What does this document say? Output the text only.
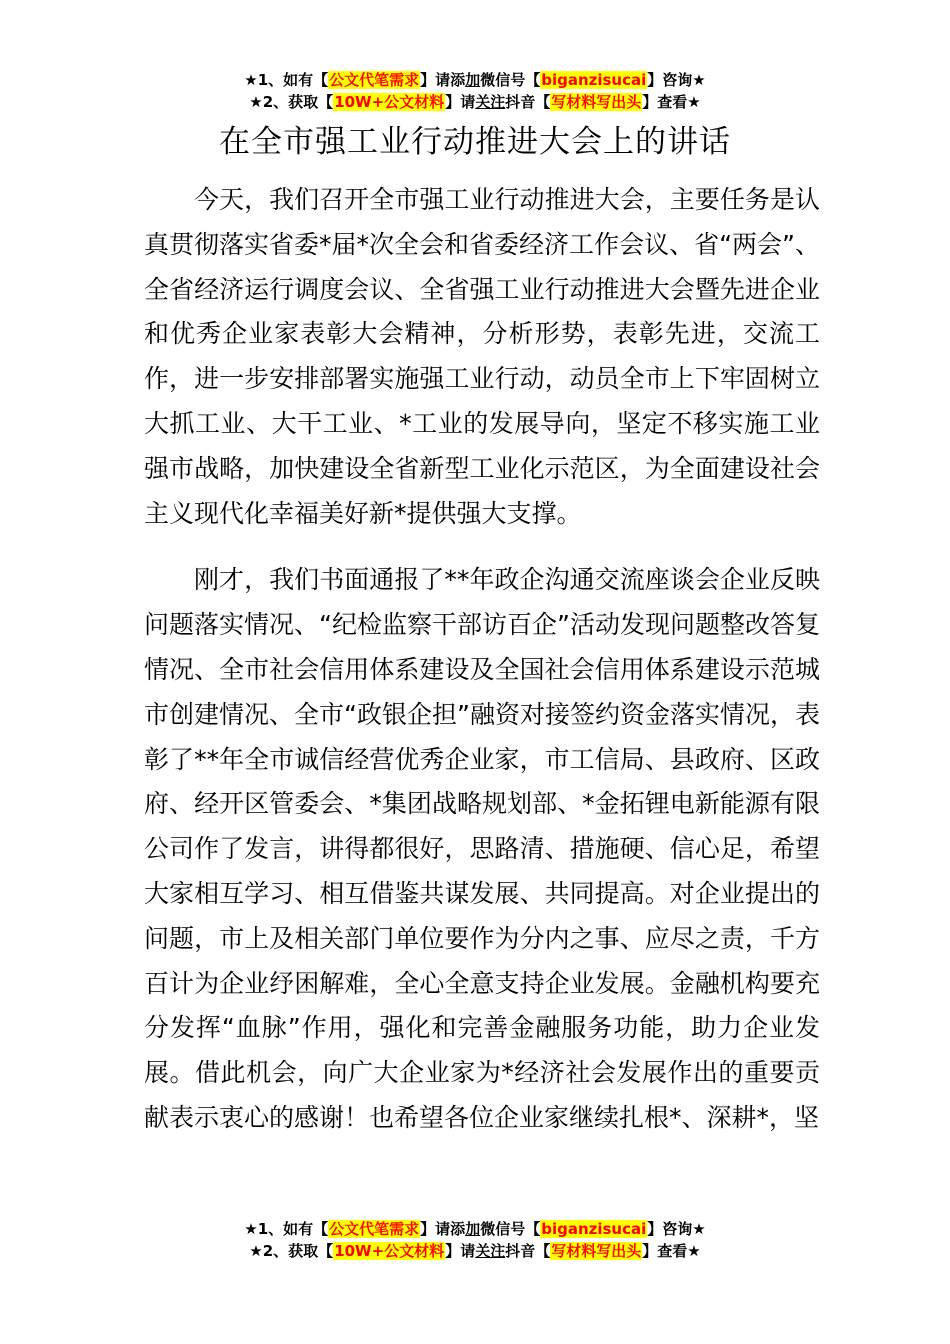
★1、如有【公文代笔需求】请添加微信号【biganzisucai】咨询★
★2、获取【10W+公文材料】请关注抖音【写材料写出头】查看★
在全市强工业行动推进大会上的讲话

今天，我们召开全市强工业行动推进大会，主要任务是认真贯彻落实省委*届*次全会和省委经济工作会议、省“两会”、全省经济运行调度会议、全省强工业行动推进大会暨先进企业和优秀企业家表彰大会精神，分析形势，表彰先进，交流工作，进一步安排部署实施强工业行动，动员全市上下牢固树立大抓工业、大干工业、*工业的发展导向，坚定不移实施工业强市战略，加快建设全省新型工业化示范区，为全面建设社会主义现代化幸福美好新*提供强大支撑。

刚才，我们书面通报了**年政企沟通交流座谈会企业反映问题落实情况、“纪检监察干部访百企”活动发现问题整改答复情况、全市社会信用体系建设及全国社会信用体系建设示范城市创建情况、全市“政银企担”融资对接签约资金落实情况，表彰了**年全市诚信经营优秀企业家，市工信局、县政府、区政府、经开区管委会、*集团战略规划部、*金拓锂电新能源有限公司作了发言，讲得都很好，思路清、措施硬、信心足，希望大家相互学习、相互借鉴共谋发展、共同提高。对企业提出的问题，市上及相关部门单位要作为分内之事、应尽之责，千方百计为企业纾困解难，全心全意支持企业发展。金融机构要充分发挥“血脉”作用，强化和完善金融服务功能，助力企业发展。借此机会，向广大企业家为*经济社会发展作出的重要贡献表示衷心的感谢！也希望各位企业家继续扎根*、深耕*，坚

★1、如有【公文代笔需求】请添加微信号【biganzisucai】咨询★
★2、获取【10W+公文材料】请关注抖音【写材料写出头】查看★
